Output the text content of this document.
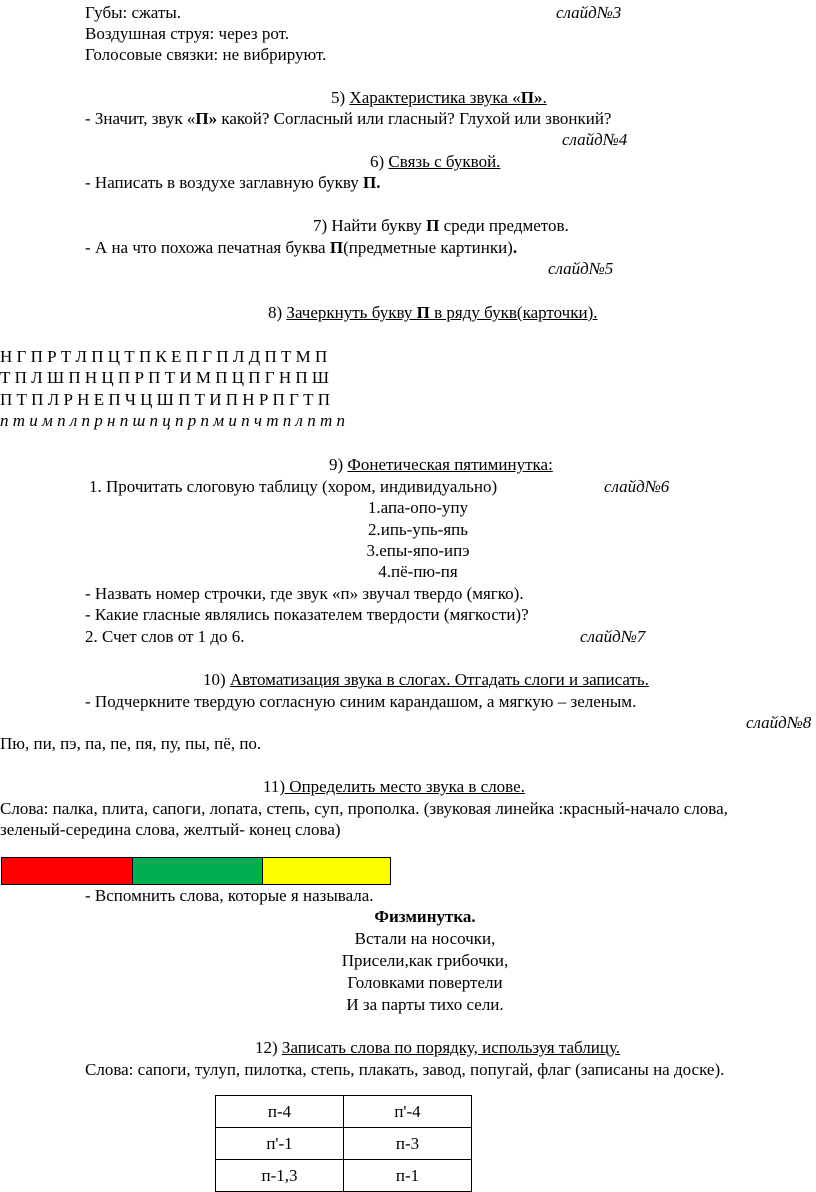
Губы: сжаты.	слайд№3
Воздушная струя: через рот.
Голосовые связки: не вибрируют.
5) Характеристика звука «П».
- Значит, звук «П» какой? Согласный или гласный? Глухой или звонкий?
слайд№4
6) Связь с буквой.
- Написать в воздухе заглавную букву П.
7) Найти букву П среди предметов.
- А на что похожа печатная буква П(предметные картинки).
слайд№5
8) Зачеркнуть букву П в ряду букв(карточки).
Н Г П Р Т Л П Ц Т П К Е П Г П Л Д П Т М П
Т П Л Ш П Н Ц П Р П Т И М П Ц П Г Н П Ш
П Т П Л Р Н Е П Ч Ц Ш П Т И П Н Р П Г Т П
п т и м п л п р н п ш п ц п р п м и п ч т п л п т п
9) Фонетическая пятиминутка:
1. Прочитать слоговую таблицу (хором, индивидуально)	слайд№6
1.апа-опо-упу
2.ипь-упь-япь
3.епы-япо-ипэ
4.пё-пю-пя
- Назвать номер строчки, где звук «п» звучал твердо (мягко).
- Какие гласные являлись показателем твердости (мягкости)?
2. Счет слов от 1 до 6.	слайд№7
10) Автоматизация звука в слогах. Отгадать слоги и записать.
- Подчеркните твердую согласную синим карандашом, а мягкую – зеленым.
слайд№8
Пю, пи, пэ, па, пе, пя, пу, пы, пё, по.
11) Определить место звука в слове.
Слова: палка, плита, сапоги, лопата, степь, суп, прополка. (звуковая линейка :красный-начало слова,
зеленый-середина слова, желтый- конец слова)
- Вспомнить слова, которые я называла.
Физминутка.
Встали на носочки,
Присели,как грибочки,
Головками повертели
И за парты тихо сели.
12) Записать слова по порядку, используя таблицу.
Слова: сапоги, тулуп, пилотка, степь, плакать, завод, попугай, флаг (записаны на доске).
п-4	п'-4
п'-1	п-3
п-1,3	п-1
